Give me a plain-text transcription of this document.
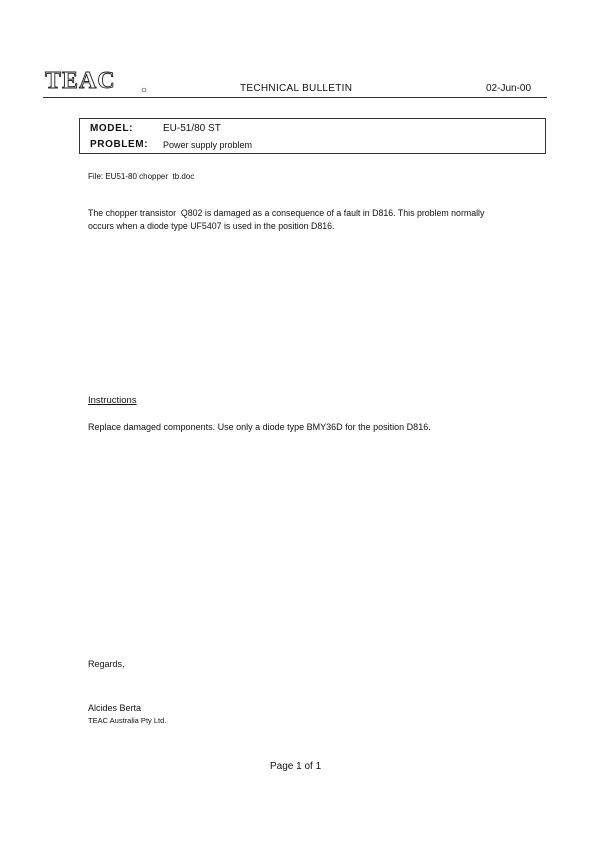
TEAC	TECHNICAL BULLETIN	02-Jun-00
MODEL:	EU-51/80 ST
PROBLEM: Power supply problem
File: EU51-80 chopper  tb.doc
The chopper transistor  Q802 is damaged as a consequence of a fault in D816. This problem normally
occurs when a diode type UF5407 is used in the position D816.
Instructions
Replace damaged components. Use only a diode type BMY36D for the position D816.
Regards,
Alcides Berta
TEAC Australia Pty Ltd.
Page 1 of 1
